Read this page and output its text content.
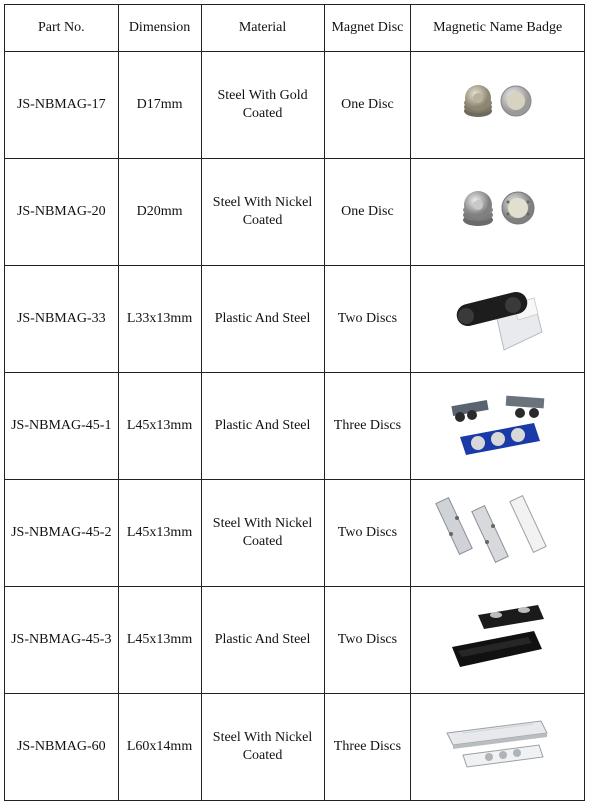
Part No.	Dimension	Material	Magnet Disc	Magnetic Name Badge
JS-NBMAG-17	D17mm	Steel With Gold Coated	One Disc	

JS-NBMAG-20	D20mm	Steel With Nickel Coated	One Disc	

JS-NBMAG-33	L33x13mm	Plastic And Steel	Two Discs	

JS-NBMAG-45-1	L45x13mm	Plastic And Steel	Three Discs	

JS-NBMAG-45-2	L45x13mm	Steel With Nickel Coated	Two Discs	

JS-NBMAG-45-3	L45x13mm	Plastic And Steel	Two Discs	

JS-NBMAG-60	L60x14mm	Steel With Nickel Coated	Three Discs	
